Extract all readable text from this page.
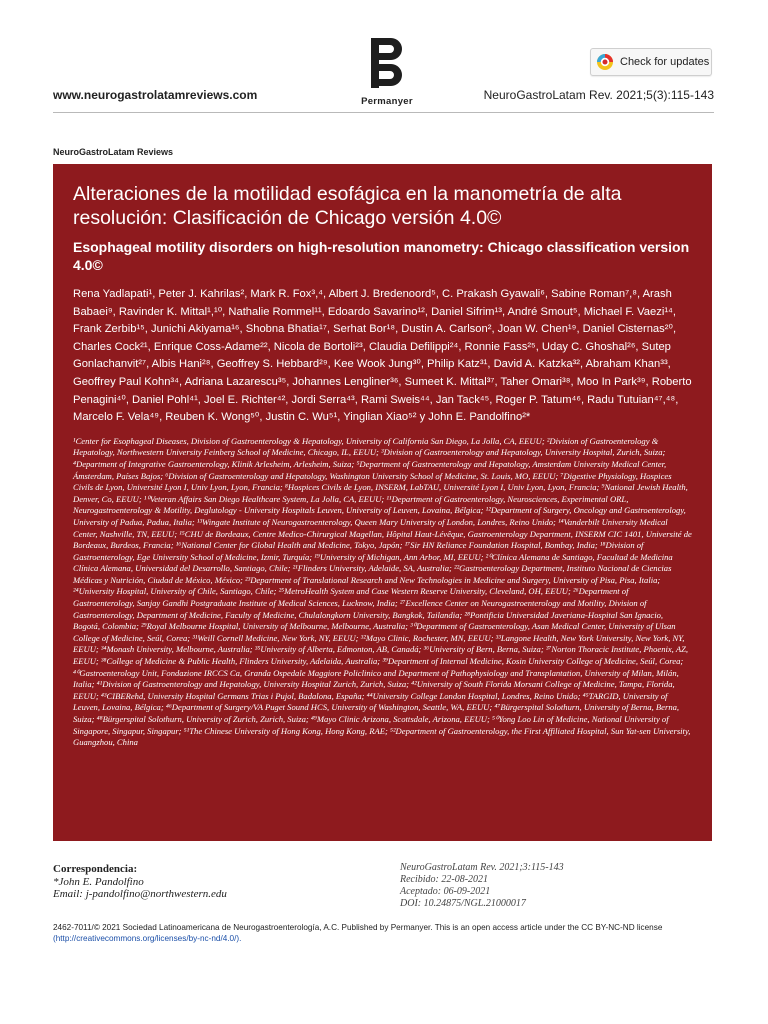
www.neurogastrolatamreviews.com	Permanyer
Check for updates
NeuroGastroLatam Rev. 2021;5(3):115-143
NeuroGastroLatam Reviews
Alteraciones de la motilidad esofágica en la manometría de alta resolución: Clasificación de Chicago versión 4.0©
Esophageal motility disorders on high-resolution manometry: Chicago classification version 4.0©
Rena Yadlapati¹, Peter J. Kahrilas², Mark R. Fox³,⁴, Albert J. Bredenoord⁵, C. Prakash Gyawali⁶, Sabine Roman⁷,⁸, Arash Babaei⁹, Ravinder K. Mittal¹,¹⁰, Nathalie Rommel¹¹, Edoardo Savarino¹², Daniel Sifrim¹³, André Smout⁵, Michael F. Vaezi¹⁴, Frank Zerbib¹⁵, Junichi Akiyama¹⁶, Shobna Bhatia¹⁷, Serhat Bor¹⁸, Dustin A. Carlson², Joan W. Chen¹⁹, Daniel Cisternas²⁰, Charles Cock²¹, Enrique Coss-Adame²², Nicola de Bortoli²³, Claudia Defilippi²⁴, Ronnie Fass²⁵, Uday C. Ghoshal²⁶, Sutep Gonlachanvit²⁷, Albis Hani²⁸, Geoffrey S. Hebbard²⁹, Kee Wook Jung³⁰, Philip Katz³¹, David A. Katzka³², Abraham Khan³³, Geoffrey Paul Kohn³⁴, Adriana Lazarescu³⁵, Johannes Lengliner³⁶, Sumeet K. Mittal³⁷, Taher Omari³⁸, Moo In Park³⁹, Roberto Penagini⁴⁰, Daniel Pohl⁴¹, Joel E. Richter⁴², Jordi Serra⁴³, Rami Sweis⁴⁴, Jan Tack⁴⁵, Roger P. Tatum⁴⁶, Radu Tutuian⁴⁷,⁴⁸, Marcelo F. Vela⁴⁹, Reuben K. Wong⁵⁰, Justin C. Wu⁵¹, Yinglian Xiao⁵² y John E. Pandolfino²*
¹Center for Esophageal Diseases, Division of Gastroenterology & Hepatology, University of California San Diego, La Jolla, CA, EEUU; ²Division of Gastroenterology & Hepatology, Northwestern University Feinberg School of Medicine, Chicago, IL, EEUU; ³Division of Gastroenterology and Hepatology, University Hospital, Zurich, Suiza; ⁴Department of Integrative Gastroenterology, Klinik Arlesheim, Arlesheim, Suiza; ⁵Department of Gastroenterology and Hepatology, Amsterdam University Medical Center, Ámsterdam, Países Bajos; ⁶Division of Gastroenterology and Hepatology, Washington University School of Medicine, St. Louis, MO, EEUU; ⁷Digestive Physiology, Hospices Civils de Lyon, Université Lyon I, Univ Lyon, Lyon, Francia; ⁸Hospices Civils de Lyon, INSERM, LabTAU, Université Lyon I, Univ Lyon, Lyon, Francia; ⁹National Jewish Health, Denver, Co, EEUU; ¹⁰Veteran Affairs San Diego Healthcare System, La Jolla, CA, EEUU; ¹¹Department of Gastroenterology, Neurosciences, Experimental ORL, Neurogastroenterology & Motility, Deglutology - University Hospitals Leuven, University of Leuven, Lovaina, Bélgica; ¹²Department of Surgery, Oncology and Gastroenterology, University of Padua, Padua, Italia; ¹³Wingate Institute of Neurogastroenterology, Queen Mary University of London, Londres, Reino Unido; ¹⁴Vanderbilt University Medical Center, Nashville, TN, EEUU; ¹⁵CHU de Bordeaux, Centre Medico-Chirurgical Magellan, Hôpital Haut-Lévêque, Gastroenterology Department, INSERM CIC 1401, Université de Bordeaux, Burdeos, Francia; ¹⁶National Center for Global Health and Medicine, Tokyo, Japón; ¹⁷Sir HN Reliance Foundation Hospital, Bombay, India; ¹⁸Division of Gastroenterology, Ege University School of Medicine, Izmir, Turquía; ¹⁹University of Michigan, Ann Arbor, MI, EEUU; ²⁰Clínica Alemana de Santiago, Facultad de Medicina Clínica Alemana, Universidad del Desarrollo, Santiago, Chile; ²¹Flinders University, Adelaide, SA, Australia; ²²Gastroenterology Department, Instituto Nacional de Ciencias Médicas y Nutrición, Ciudad de México, México; ²³Department of Translational Research and New Technologies in Medicine and Surgery, University of Pisa, Pisa, Italia; ²⁴University Hospital, University of Chile, Santiago, Chile; ²⁵MetroHealth System and Case Western Reserve University, Cleveland, OH, EEUU; ²⁶Department of Gastroenterology, Sanjay Gandhi Postgraduate Institute of Medical Sciences, Lucknow, India; ²⁷Excellence Center on Neurogastroenterology and Motility, Division of Gastroenterology, Department of Medicine, Faculty of Medicine, Chulalongkorn University, Bangkok, Tailandia; ²⁸Pontificia Universidad Javeriana-Hospital San Ignacio, Bogotá, Colombia; ²⁹Royal Melbourne Hospital, University of Melbourne, Melbourne, Australia; ³⁰Department of Gastroenterology, Asan Medical Center, University of Ulsan College of Medicine, Seúl, Corea; ³¹Weill Cornell Medicine, New York, NY, EEUU; ³²Mayo Clinic, Rochester, MN, EEUU; ³³Langone Health, New York University, New York, NY, EEUU; ³⁴Monash University, Melbourne, Australia; ³⁵University of Alberta, Edmonton, AB, Canadá; ³⁶University of Bern, Berna, Suiza; ³⁷Norton Thoracic Institute, Phoenix, AZ, EEUU; ³⁸College of Medicine & Public Health, Flinders University, Adelaida, Australia; ³⁹Department of Internal Medicine, Kosin University College of Medicine, Seúl, Corea; ⁴⁰Gastroenterology Unit, Fondazione IRCCS Ca, Granda Ospedale Maggiore Policlinico and Department of Pathophysiology and Transplantation, University of Milan, Milán, Italia; ⁴¹Division of Gastroenterology and Hepatology, University Hospital Zurich, Zurich, Suiza; ⁴²University of South Florida Morsani College of Medicine, Tampa, Florida, EEUU; ⁴³CIBERehd, University Hospital Germans Trias i Pujol, Badalona, España; ⁴⁴University College London Hospital, Londres, Reino Unido; ⁴⁵TARGID, University of Leuven, Lovaina, Bélgica; ⁴⁶Department of Surgery/VA Puget Sound HCS, University of Washington, Seattle, WA, EEUU; ⁴⁷Bürgerspital Solothurn, University of Berna, Berna, Suiza; ⁴⁸Bürgerspital Solothurn, University of Zurich, Zurich, Suiza; ⁴⁹Mayo Clinic Arizona, Scottsdale, Arizona, EEUU; ⁵⁰Yong Loo Lin of Medicine, National University of Singapore, Singapur, Singapur; ⁵¹The Chinese University of Hong Kong, Hong Kong, RAE; ⁵²Department of Gastroenterology, the First Affiliated Hospital, Sun Yat-sen University, Guangzhou, China
Correspondencia:
*John E. Pandolfino
Email: j-pandolfino@northwestern.edu
NeuroGastroLatam Rev. 2021;3:115-143
Recibido: 22-08-2021
Aceptado: 06-09-2021
DOI: 10.24875/NGL.21000017
2462-7011/© 2021 Sociedad Latinoamericana de Neurogastroenterología, A.C. Published by Permanyer. This is an open access article under the CC BY-NC-ND license
(http://creativecommons.org/licenses/by-nc-nd/4.0/).
